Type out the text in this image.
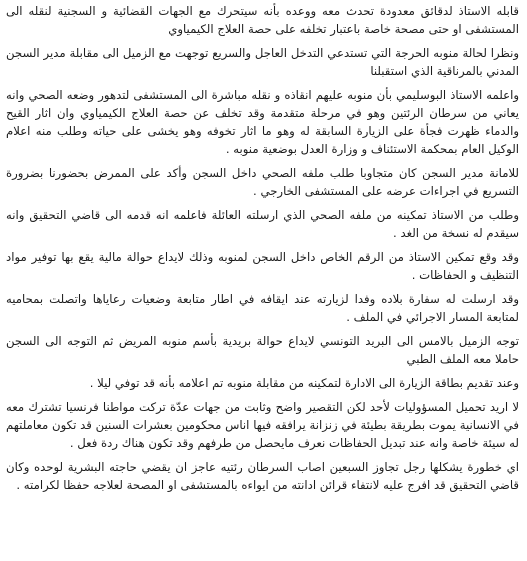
قابله الاستاذ لدقائق معدودة تحدث معه ووعده بأنه سيتحرك مع الجهات القضائية و السجنية لنقله الى المستشفى او حتى مصحة خاصة باعتبار تخلفه على حصة العلاج الكيمياوي

ونظرا لحالة منوبه الحرجة التي تستدعي التدخل العاجل والسريع توجهت مع الزميل الى مقابلة مدير السجن المدني بالمرناقية الذي استقبلنا

واعلمه الاستاذ البوسليمي بأن منوبه عليهم انقاذه و نقله مباشرة الى المستشفى لتدهور وضعه الصحي وانه يعاني من سرطان الرئتين وهو في مرحلة متقدمة وقد تخلف عن حصة العلاج الكيمياوي وان اثار القيح والدماء ظهرت فجأة على الزيارة السابقة له وهو ما اثار تخوفه وهو يخشى على حياته وطلب منه اعلام الوكيل العام بمحكمة الاستئناف و وزارة العدل بوضعية منوبه .

للامانة مدير السجن كان متجاوبا طلب ملفه الصحي داخل السجن وأكد على الممرض بحضورنا بضرورة التسريع في اجراءات عرضه على المستشفى الخارجي .

وطلب من الاستاذ تمكينه من ملفه الصحي الذي ارسلته العائلة فاعلمه انه قدمه الى قاضي التحقيق وانه سيقدم له نسخة من الغد .

وقد وقع تمكين الاستاذ من الرقم الخاص داخل السجن لمنوبه وذلك لايداع حوالة مالية يقع بها توفير مواد التنظيف و الحفاظات .

وقد ارسلت له سفارة بلاده وفدا لزيارته عند ايقافه في اطار متابعة وضعيات رعاياها واتصلت بمحاميه لمتابعة المسار الاجرائي في الملف .

توجه الزميل بالامس الى البريد التونسي لايداع حوالة بريدية بأسم منوبه المريض ثم التوجه الى السجن حاملا معه الملف الطبي

وعند تقديم بطاقة الزيارة الى الادارة لتمكينه من مقابلة منوبه تم اعلامه بأنه قد توفي ليلا .

لا اريد تحميل المسؤوليات لأحد لكن التقصير واضح وثابت من جهات عدّة تركت مواطنا فرنسيا تشترك معه في الانسانية يموت بطريقة بطيئة في زنزانة يرافقه فيها اناس محكومين بعشرات السنين قد تكون معاملتهم له سيئة خاصة وانه عند تبديل الحفاظات نعرف مايحصل من طرفهم وقد تكون هناك ردة فعل .

اي خطورة يشكلها رجل تجاوز السبعين اصاب السرطان رئتيه عاجز ان يقضي حاجته البشرية لوحده وكان قاضي التحقيق قد افرج عليه لانتفاء قرائن ادانته من ايواءه بالمستشفى او المصحة لعلاجه حفظا لكرامته .
